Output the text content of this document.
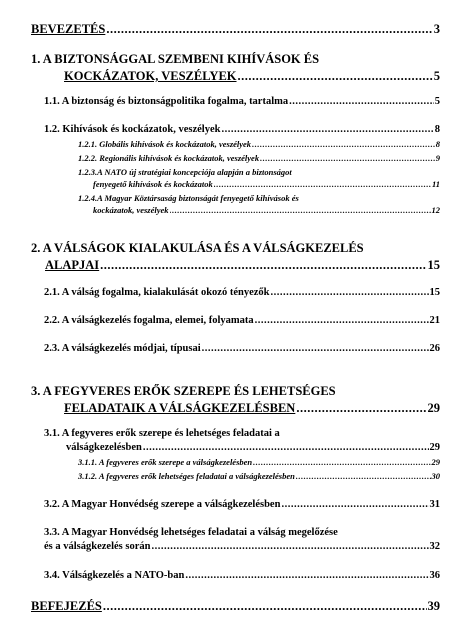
BEVEZETÉS .....	3
1. A BIZTONSÁGGAL SZEMBENI KIHÍVÁSOK ÉS
KOCKÁZATOK, VESZÉLYEK .....	5
1.1. A biztonság és biztonságpolitika fogalma, tartalma .....	5
1.2. Kihívások és kockázatok, veszélyek .....	8
1.2.1. Globális kihívások és kockázatok, veszélyek .....	8
1.2.2. Regionális kihívások és kockázatok, veszélyek .....	9
1.2.3.A NATO új stratégiai koncepciója alapján a biztonságot
fenyegető kihívások és kockázatok .....	11
1.2.4.A Magyar Köztársaság biztonságát fenyegető kihívások és
kockázatok, veszélyek .....	12
2. A VÁLSÁGOK KIALAKULÁSA ÉS A VÁLSÁGKEZELÉS
ALAPJAI .....	15
2.1. A válság fogalma, kialakulását okozó tényezők .....	15
2.2. A válságkezelés fogalma, elemei, folyamata .....	21
2.3. A válságkezelés módjai, típusai .....	26
3. A FEGYVERES ERŐK SZEREPE ÉS LEHETSÉGES
FELADATAIK A VÁLSÁGKEZELÉSBEN .....	29
3.1. A fegyveres erők szerepe és lehetséges feladatai a
válságkezelésben .....	29
3.1.1. A fegyveres erők szerepe a válságkezelésben .....	29
3.1.2. A fegyveres erők lehetséges feladatai a válságkezelésben .....	30
3.2. A Magyar Honvédség szerepe a válságkezelésben .....	31
3.3. A Magyar Honvédség lehetséges feladatai a válság megelőzése
és a válságkezelés során .....	32
3.4. Válságkezelés a NATO-ban .....	36
BEFEJEZÉS .....	39
